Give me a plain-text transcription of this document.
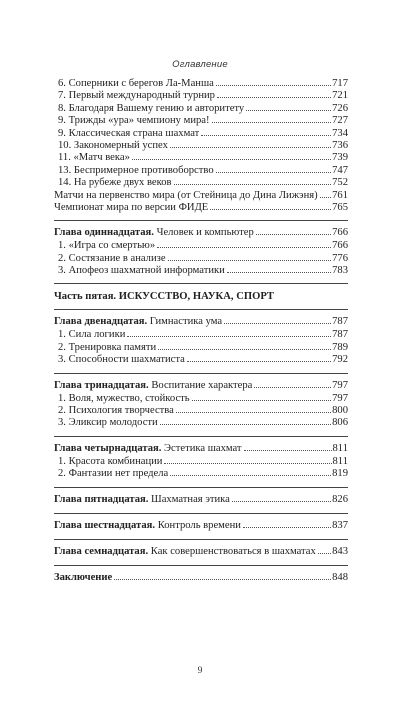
Оглавление
6. Соперники с берегов Ла-Манша	717
7. Первый международный турнир	721
8. Благодаря Вашему гению и авторитету	726
9. Трижды «ура» чемпиону мира!	727
9. Классическая страна шахмат	734
10. Закономерный успех	736
11. «Матч века»	739
13. Беспримерное противоборство	747
14. На рубеже двух веков	752
Матчи на первенство мира (от Стейница до Дина Лижэня) 761
Чемпионат мира по версии ФИДЕ	765
Глава одиннадцатая. Человек и компьютер	766
1. «Игра со смертью»	766
2. Состязание в анализе	776
3. Апофеоз шахматной информатики	783
Часть пятая. ИСКУССТВО, НАУКА, СПОРТ
Глава двенадцатая. Гимнастика ума	787
1. Сила логики	787
2. Тренировка памяти	789
3. Способности шахматиста	792
Глава тринадцатая. Воспитание характера	797
1. Воля, мужество, стойкость	797
2. Психология творчества	800
3. Эликсир молодости	806
Глава четырнадцатая. Эстетика шахмат	811
1. Красота комбинации	811
2. Фантазии нет предела	819
Глава пятнадцатая. Шахматная этика	826
Глава шестнадцатая. Контроль времени	837
Глава семнадцатая. Как совершенствоваться в шахматах 843
Заключение	848
9
